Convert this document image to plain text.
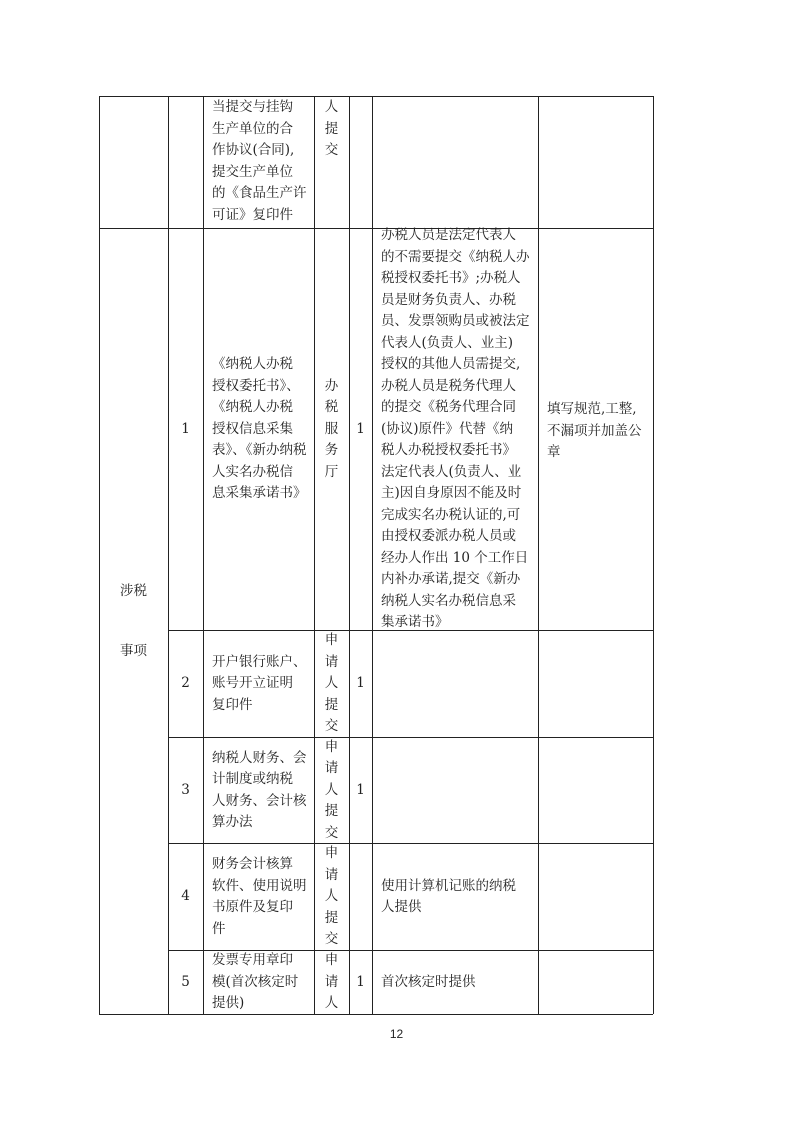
当提交与挂钩
生产单位的合
作协议(合同),
提交生产单位
的《食品生产许
可证》复印件
人
提
交
1
《纳税人办税
授权委托书》、
《纳税人办税
授权信息采集
表》、《新办纳税
人实名办税信
息采集承诺书》
办
税
服
务
厅
1
办税人员是法定代表人
的不需要提交《纳税人办
税授权委托书》;办税人
员是财务负责人、办税
员、发票领购员或被法定
代表人(负责人、业主)
授权的其他人员需提交,
办税人员是税务代理人
的提交《税务代理合同
(协议)原件》代替《纳
税人办税授权委托书》
法定代表人(负责人、业
主)因自身原因不能及时
完成实名办税认证的,可
由授权委派办税人员或
经办人作出 10 个工作日
内补办承诺,提交《新办
纳税人实名办税信息采
集承诺书》
填写规范,工整,
不漏项并加盖公
章
2
开户银行账户、
账号开立证明
复印件
申
请
人
提
交
1
3
纳税人财务、会
计制度或纳税
人财务、会计核
算办法
申
请
人
提
交
1
4
财务会计核算
软件、使用说明
书原件及复印
件
申
请
人
提
交
使用计算机记账的纳税
人提供
5
发票专用章印
模(首次核定时
提供)
申
请
人
1	首次核定时提供
涉税

事项
12
